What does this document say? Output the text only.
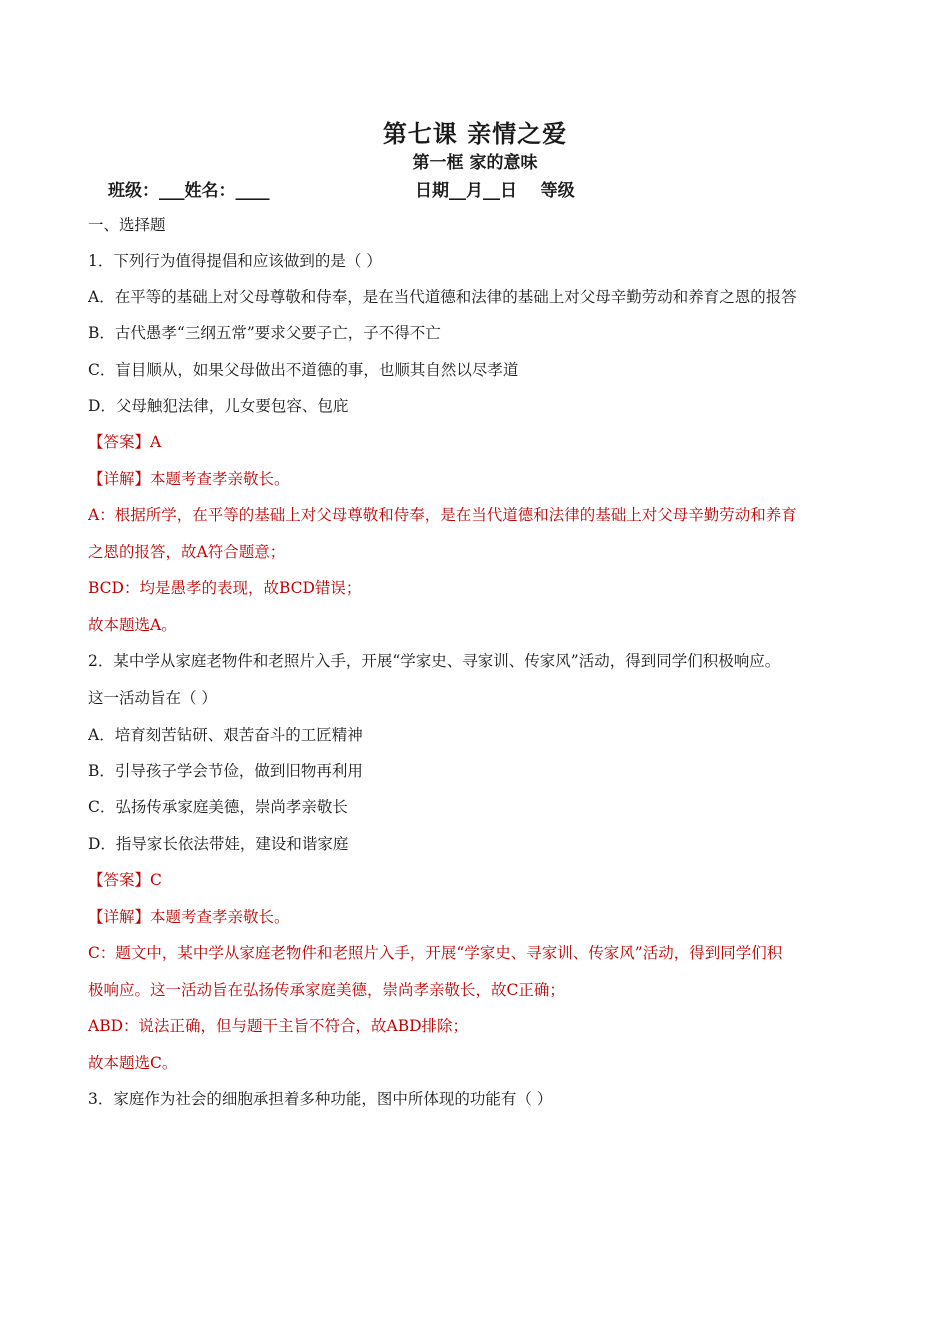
第七课 亲情之爱
第一框 家的意味
班级：___姓名：____	日期__月__日    等级
一、选择题
1．下列行为值得提倡和应该做到的是（ ）
A．在平等的基础上对父母尊敬和侍奉，是在当代道德和法律的基础上对父母辛勤劳动和养育之恩的报答
B．古代愚孝“三纲五常”要求父要子亡，子不得不亡
C．盲目顺从，如果父母做出不道德的事，也顺其自然以尽孝道
D．父母触犯法律，儿女要包容、包庇
【答案】A
【详解】本题考查孝亲敬长。
A：根据所学，在平等的基础上对父母尊敬和侍奉，是在当代道德和法律的基础上对父母辛勤劳动和养育
之恩的报答，故A符合题意；
BCD：均是愚孝的表现，故BCD错误；
故本题选A。
2．某中学从家庭老物件和老照片入手，开展“学家史、寻家训、传家风”活动，得到同学们积极响应。
这一活动旨在（ ）
A．培育刻苦钻研、艰苦奋斗的工匠精神
B．引导孩子学会节俭，做到旧物再利用
C．弘扬传承家庭美德，崇尚孝亲敬长
D．指导家长依法带娃，建设和谐家庭
【答案】C
【详解】本题考查孝亲敬长。
C：题文中，某中学从家庭老物件和老照片入手，开展“学家史、寻家训、传家风”活动，得到同学们积
极响应。这一活动旨在弘扬传承家庭美德，崇尚孝亲敬长，故C正确；
ABD：说法正确，但与题干主旨不符合，故ABD排除；
故本题选C。
3．家庭作为社会的细胞承担着多种功能，图中所体现的功能有（ ）
